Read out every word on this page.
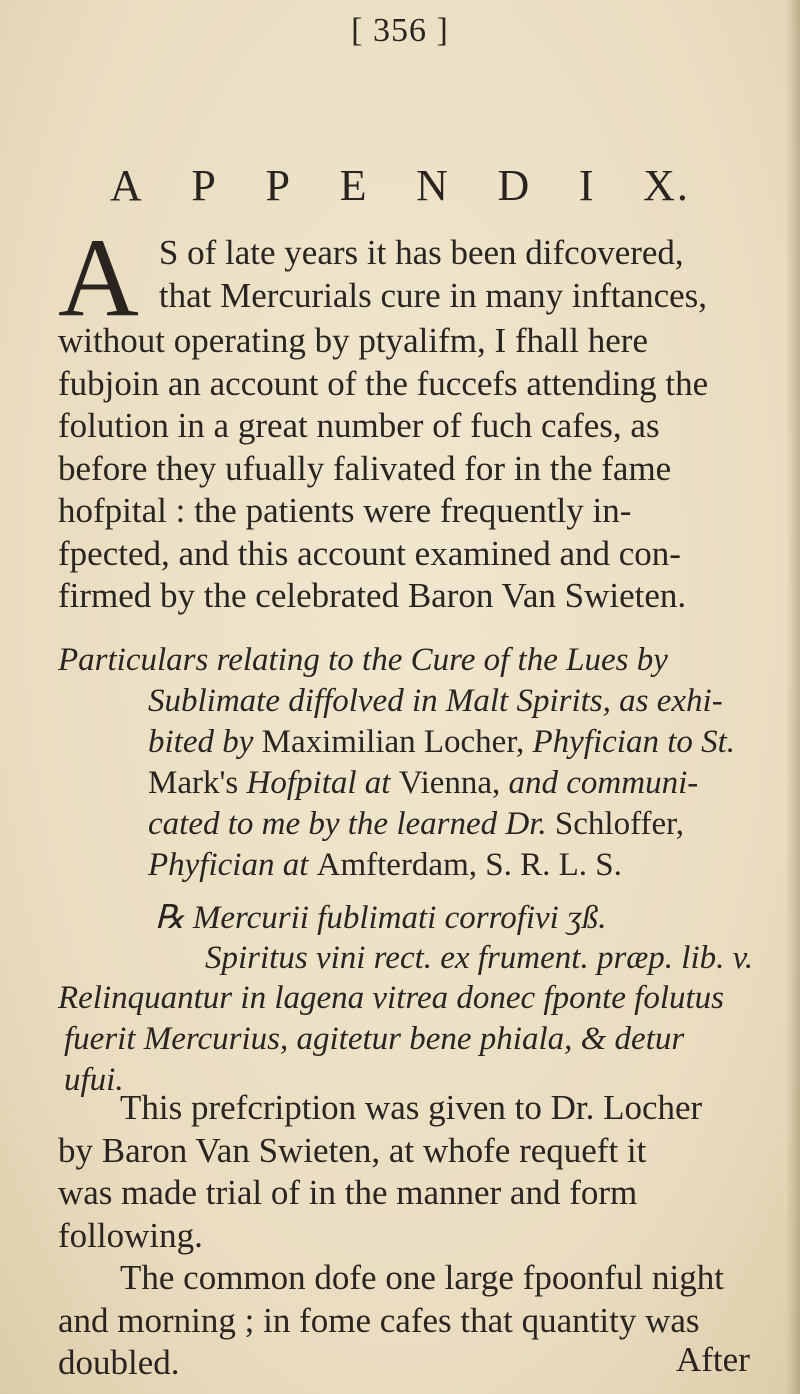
[ 356 ]
A P P E N D I X.
A S of late years it has been difcovered,
that Mercurials cure in many inftances,
without operating by ptyalifm, I fhall here
fubjoin an account of the fuccefs attending the
folution in a great number of fuch cafes, as
before they ufually falivated for in the fame
hofpital : the patients were frequently in-
fpected, and this account examined and con-
firmed by the celebrated Baron Van Swieten.
Particulars relating to the Cure of the Lues by
Sublimate diffolved in Malt Spirits, as exhi-
bited by Maximilian Locher, Phyfician to St.
Mark's Hofpital at Vienna, and communi-
cated to me by the learned Dr. Schloffer,
Phyfician at Amfterdam, S. R. L. S.
℞ Mercurii fublimati corrofivi ʒß.
Spiritus vini rect. ex frument. præp. lib. v.
Relinquantur in lagena vitrea donec fponte folutus
fuerit Mercurius, agitetur bene phiala, & detur
ufui.
This prefcription was given to Dr. Locher
by Baron Van Swieten, at whofe requeft it
was made trial of in the manner and form
following.
The common dofe one large fpoonful night
and morning ; in fome cafes that quantity was
doubled.	After
